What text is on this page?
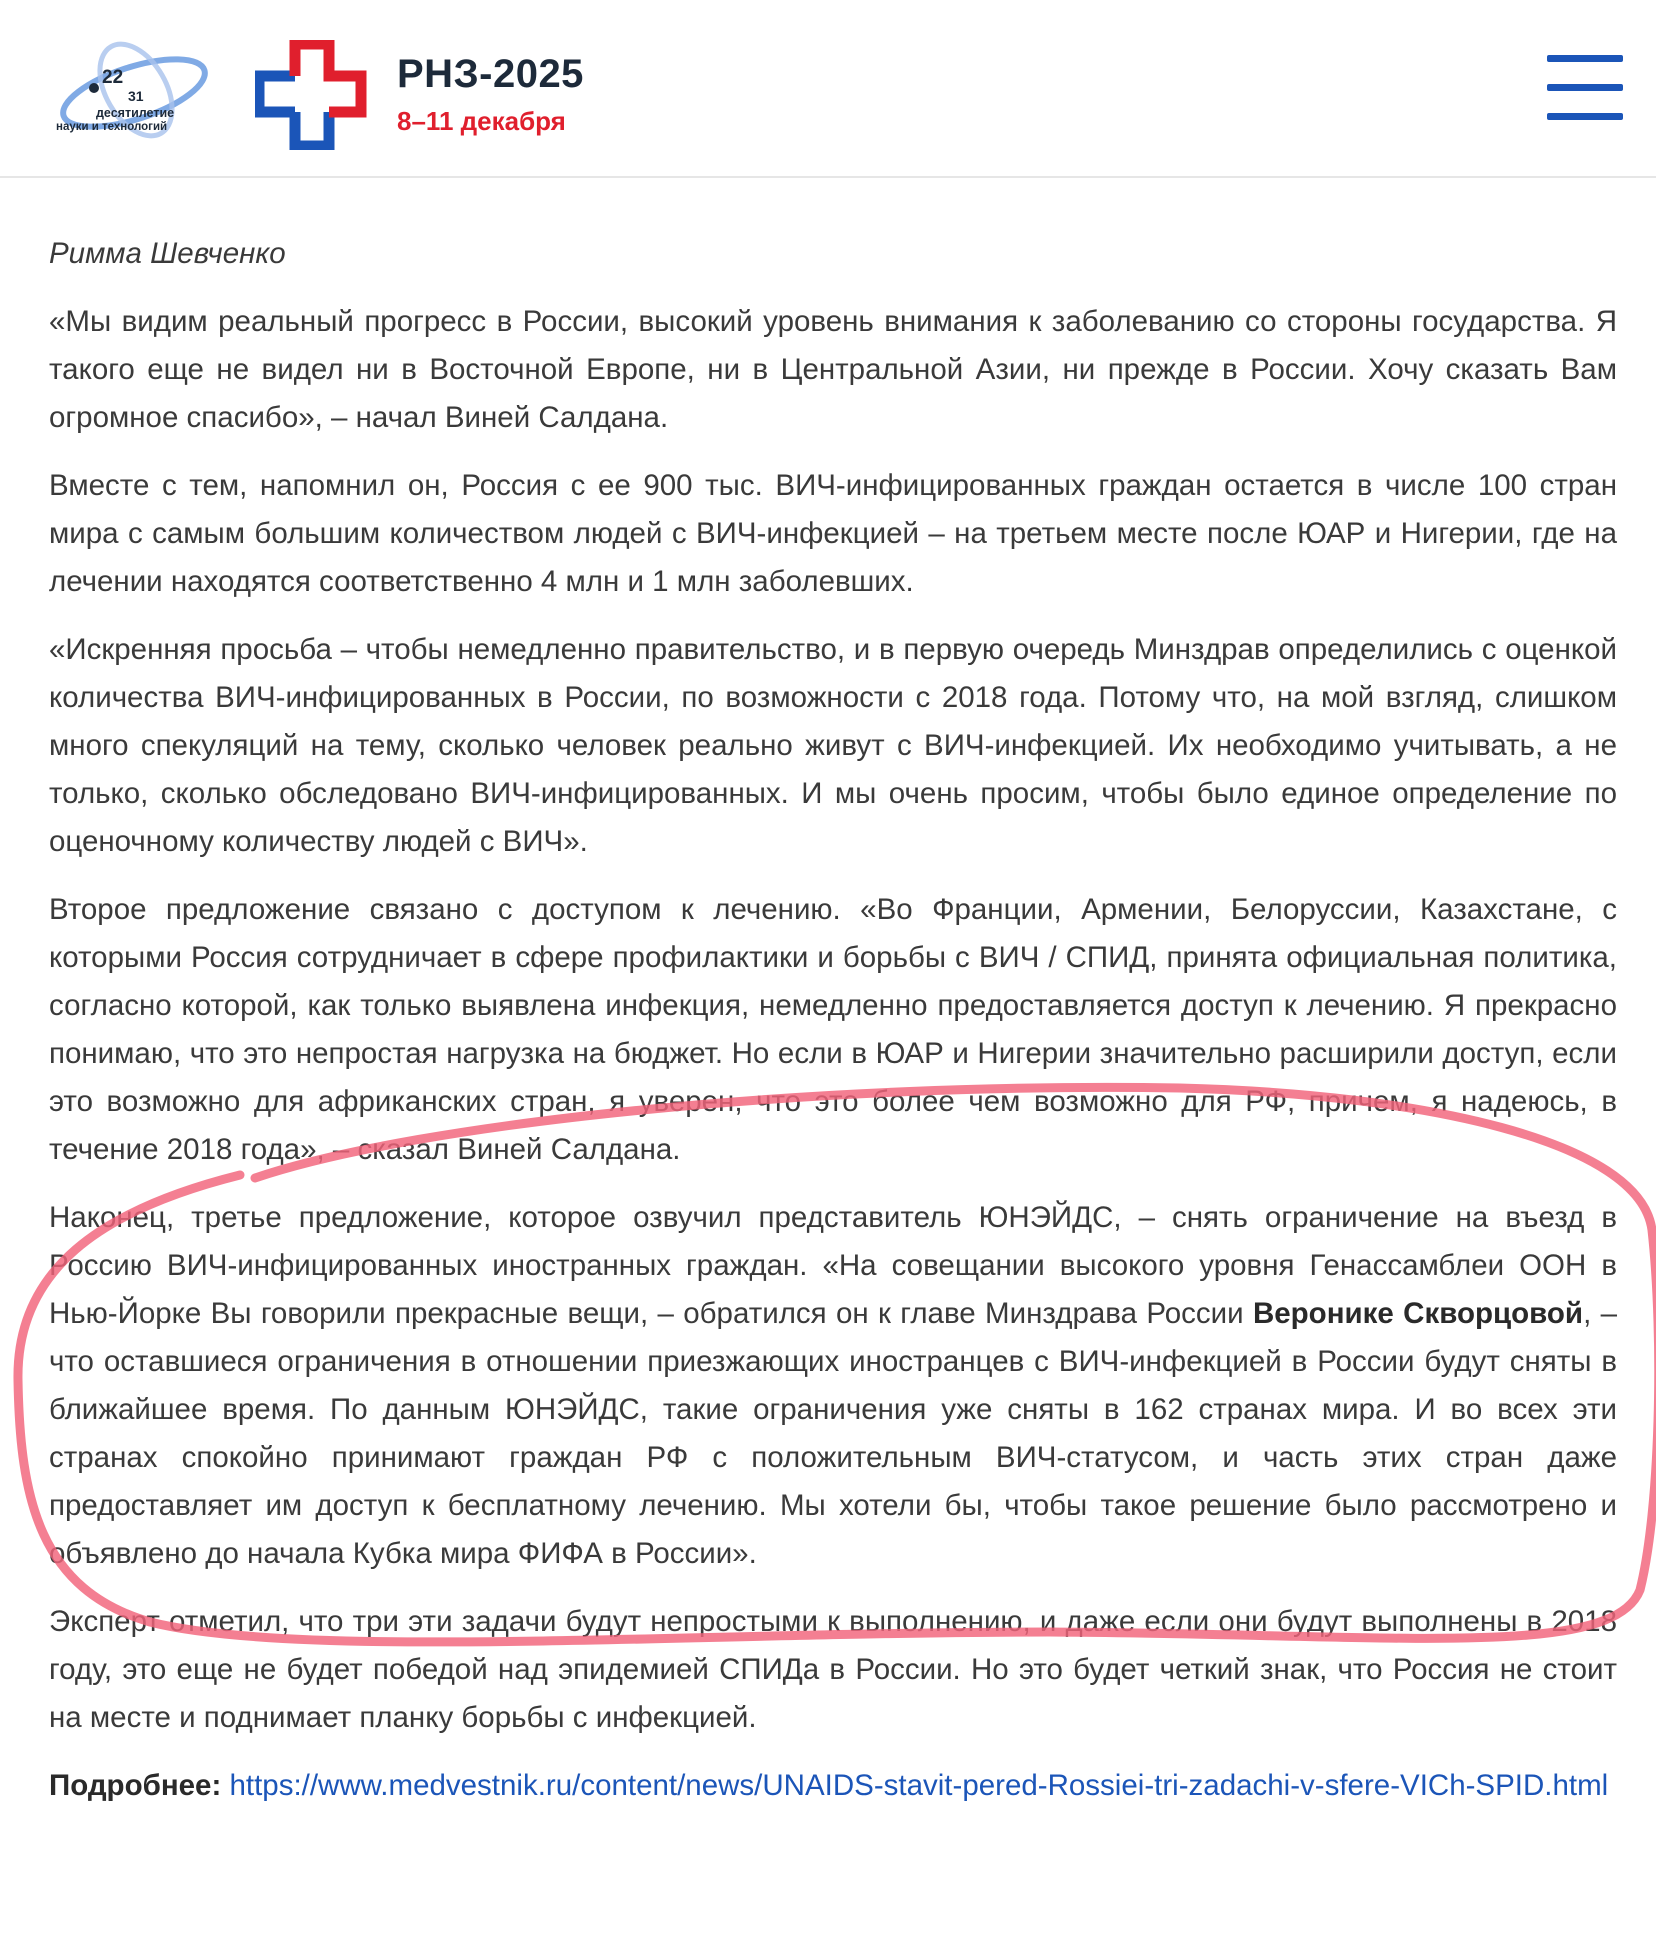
22
31
десятилетие
науки и технологий
РНЗ-2025
8–11 декабря
Римма Шевченко

«Мы видим реальный прогресс в России, высокий уровень внимания к заболеванию со стороны государства. Я такого еще не видел ни в Восточной Европе, ни в Центральной Азии, ни прежде в России. Хочу сказать Вам огромное спасибо», – начал Виней Салдана.

Вместе с тем, напомнил он, Россия с ее 900 тыс. ВИЧ-инфицированных граждан остается в числе 100 стран мира с самым большим количеством людей с ВИЧ-инфекцией – на третьем месте после ЮАР и Нигерии, где на лечении находятся соответственно 4 млн и 1 млн заболевших.

«Искренняя просьба – чтобы немедленно правительство, и в первую очередь Минздрав определились с оценкой количества ВИЧ-инфицированных в России, по возможности с 2018 года. Потому что, на мой взгляд, слишком много спекуляций на тему, сколько человек реально живут с ВИЧ-инфекцией. Их необходимо учитывать, а не только, сколько обследовано ВИЧ-инфицированных. И мы очень просим, чтобы было единое определение по оценочному количеству людей с ВИЧ».

Второе предложение связано с доступом к лечению. «Во Франции, Армении, Белоруссии, Казахстане, с которыми Россия сотрудничает в сфере профилактики и борьбы с ВИЧ / СПИД, принята официальная политика, согласно которой, как только выявлена инфекция, немедленно предоставляется доступ к лечению. Я прекрасно понимаю, что это непростая нагрузка на бюджет. Но если в ЮАР и Нигерии значительно расширили доступ, если это возможно для африканских стран, я уверен, что это более чем возможно для РФ, причем, я надеюсь, в течение 2018 года», – сказал Виней Салдана.

Наконец, третье предложение, которое озвучил представитель ЮНЭЙДС, – снять ограничение на въезд в Россию ВИЧ-инфицированных иностранных граждан. «На совещании высокого уровня Генассамблеи ООН в Нью-Йорке Вы говорили прекрасные вещи, – обратился он к главе Минздрава России Веронике Скворцовой, – что оставшиеся ограничения в отношении приезжающих иностранцев с ВИЧ-инфекцией в России будут сняты в ближайшее время. По данным ЮНЭЙДС, такие ограничения уже сняты в 162 странах мира. И во всех эти странах спокойно принимают граждан РФ с положительным ВИЧ-статусом, и часть этих стран даже предоставляет им доступ к бесплатному лечению. Мы хотели бы, чтобы такое решение было рассмотрено и объявлено до начала Кубка мира ФИФА в России».

Эксперт отметил, что три эти задачи будут непростыми к выполнению, и даже если они будут выполнены в 2018 году, это еще не будет победой над эпидемией СПИДа в России. Но это будет четкий знак, что Россия не стоит на месте и поднимает планку борьбы с инфекцией.

Подробнее: https://www.medvestnik.ru/content/news/UNAIDS-stavit-pered-Rossiei-tri-zadachi-v-sfere-VICh-SPID.html
